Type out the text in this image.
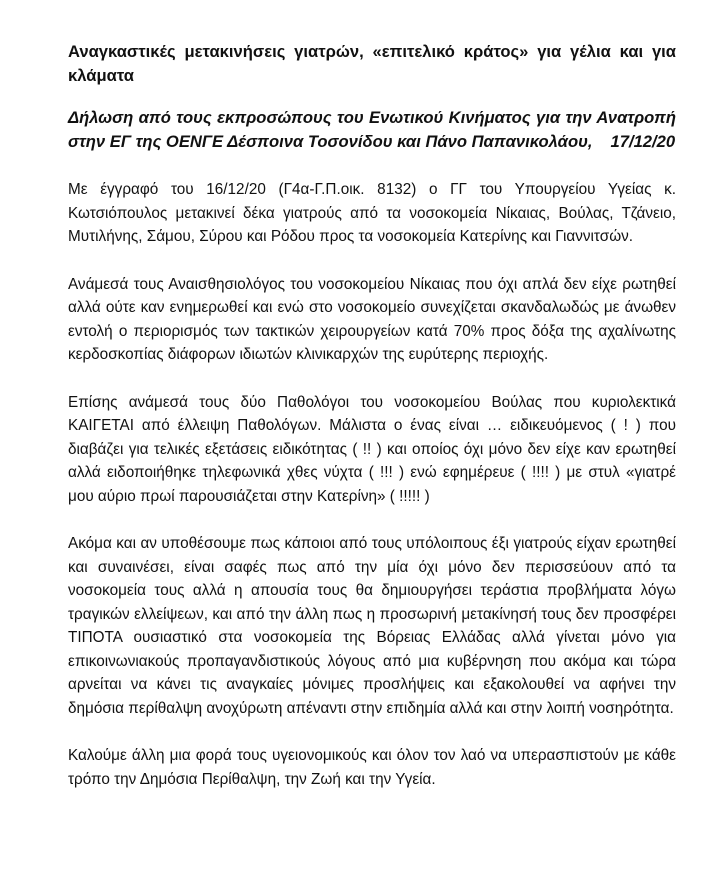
Αναγκαστικές μετακινήσεις γιατρών, «επιτελικό κράτος» για γέλια και για κλάματα

Δήλωση από τους εκπροσώπους του Ενωτικού Κινήματος για την Ανατροπή στην ΕΓ της ΟΕΝΓΕ Δέσποινα Τοσονίδου και Πάνο Παπανικολάου, 17/12/20

Με έγγραφό του 16/12/20 (Γ4α-Γ.Π.οικ. 8132) ο ΓΓ του Υπουργείου Υγείας κ. Κωτσιόπουλος μετακινεί δέκα γιατρούς από τα νοσοκομεία Νίκαιας, Βούλας, Τζάνειο, Μυτιλήνης, Σάμου, Σύρου και Ρόδου προς τα νοσοκομεία Κατερίνης και Γιαννιτσών.

Ανάμεσά τους Αναισθησιολόγος του νοσοκομείου Νίκαιας που όχι απλά δεν είχε ρωτηθεί αλλά ούτε καν ενημερωθεί και ενώ στο νοσοκομείο συνεχίζεται σκανδαλωδώς με άνωθεν εντολή ο περιορισμός των τακτικών χειρουργείων κατά 70% προς δόξα της αχαλίνωτης κερδοσκοπίας διάφορων ιδιωτών κλινικαρχών της ευρύτερης περιοχής.

Επίσης ανάμεσά τους δύο Παθολόγοι του νοσοκομείου Βούλας που κυριολεκτικά ΚΑΙΓΕΤΑΙ από έλλειψη Παθολόγων. Μάλιστα ο ένας είναι … ειδικευόμενος ( ! ) που διαβάζει για τελικές εξετάσεις ειδικότητας ( !! ) και οποίος όχι μόνο δεν είχε καν ερωτηθεί αλλά ειδοποιήθηκε τηλεφωνικά χθες νύχτα ( !!! ) ενώ εφημέρευε ( !!!! ) με στυλ «γιατρέ μου αύριο πρωί παρουσιάζεται στην Κατερίνη» ( !!!!! )

Ακόμα και αν υποθέσουμε πως κάποιοι από τους υπόλοιπους έξι γιατρούς είχαν ερωτηθεί και συναινέσει, είναι σαφές πως από την μία όχι μόνο δεν περισσεύουν από τα νοσοκομεία τους αλλά η απουσία τους θα δημιουργήσει τεράστια προβλήματα λόγω τραγικών ελλείψεων, και από την άλλη πως η προσωρινή μετακίνησή τους δεν προσφέρει ΤΙΠΟΤΑ ουσιαστικό στα νοσοκομεία της Βόρειας Ελλάδας αλλά γίνεται μόνο για επικοινωνιακούς προπαγανδιστικούς λόγους από μια κυβέρνηση που ακόμα και τώρα αρνείται να κάνει τις αναγκαίες μόνιμες προσλήψεις και εξακολουθεί να αφήνει την δημόσια περίθαλψη ανοχύρωτη απέναντι στην επιδημία αλλά και στην λοιπή νοσηρότητα.

Καλούμε άλλη μια φορά τους υγειονομικούς και όλον τον λαό να υπερασπιστούν με κάθε τρόπο την Δημόσια Περίθαλψη, την Ζωή και την Υγεία.
